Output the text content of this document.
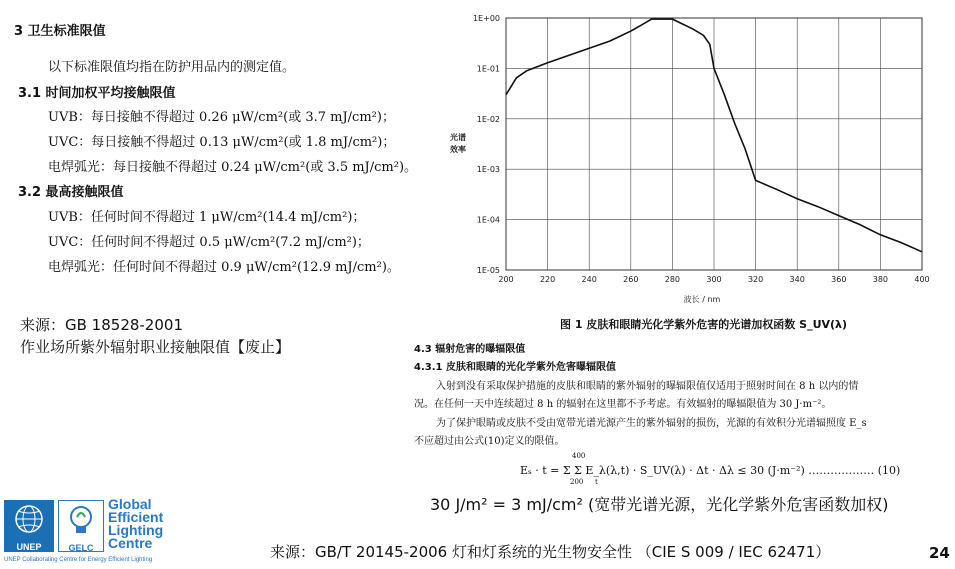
3 卫生标准限值
以下标准限值均指在防护用品内的测定值。
3.1 时间加权平均接触限值
UVB：每日接触不得超过 0.26 μW/cm²(或 3.7 mJ/cm²)；
UVC：每日接触不得超过 0.13 μW/cm²(或 1.8 mJ/cm²)；
电焊弧光：每日接触不得超过 0.24 μW/cm²(或 3.5 mJ/cm²)。
3.2 最高接触限值
UVB：任何时间不得超过 1 μW/cm²(14.4 mJ/cm²)；
UVC：任何时间不得超过 0.5 μW/cm²(7.2 mJ/cm²)；
电焊弧光：任何时间不得超过 0.9 μW/cm²(12.9 mJ/cm²)。
来源：GB 18528-2001
作业场所紫外辐射职业接触限值【废止】
1E+00
1E-01
1E-02
1E-03
1E-04
1E-05
200	220	240	260	280	300	320	340	360	380	400
光谱
效率
波长 / nm
图 1 皮肤和眼睛光化学紫外危害的光谱加权函数 S_UV(λ)
4.3 辐射危害的曝辐限值
4.3.1 皮肤和眼睛的光化学紫外危害曝辐限值
入射到没有采取保护措施的皮肤和眼睛的紫外辐射的曝辐限值仅适用于照射时间在 8 h 以内的情
况。在任何一天中连续超过 8 h 的辐射在这里都不予考虑。有效辐射的曝辐限值为 30 J·m⁻²。
为了保护眼睛或皮肤不受由宽带光谱光源产生的紫外辐射的损伤，光源的有效积分光谱辐照度 E_s
不应超过由公式(10)定义的限值。
400
200 t
Eₛ · t = Σ Σ E_λ(λ,t) · S_UV(λ) · Δt · Δλ ≤ 30 (J·m⁻²) ……………… (10)
30 J/m² = 3 mJ/cm² (宽带光谱光源，光化学紫外危害函数加权)
来源：GB/T 20145-2006 灯和灯系统的光生物安全性 （CIE S 009 / IEC 62471）	24
UNEP	GELC
Global
Efficient
Lighting
Centre
UNEP Collaborating Centre for Energy Efficient Lighting
